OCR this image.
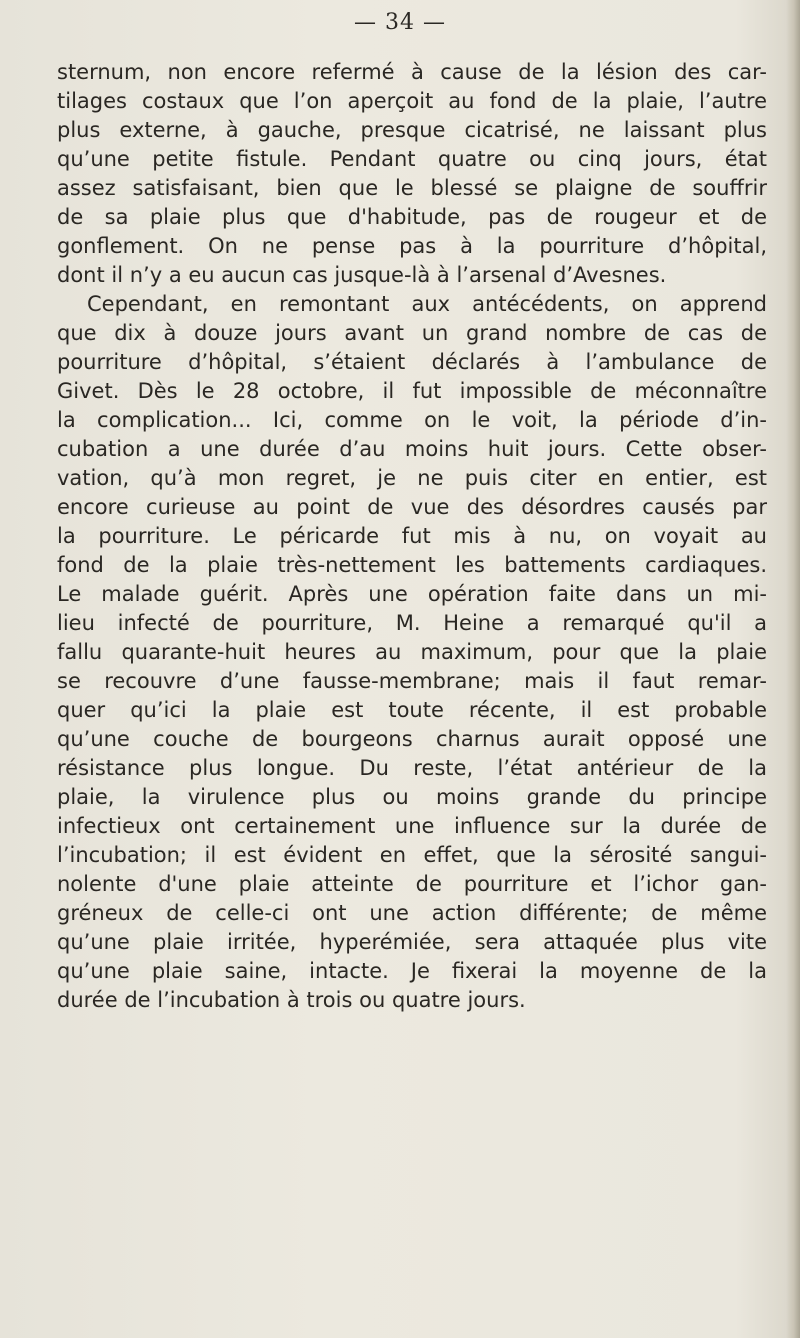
— 34 —
sternum, non encore refermé à cause de la lésion des car-
tilages costaux que l’on aperçoit au fond de la plaie, l’autre
plus externe, à gauche, presque cicatrisé, ne laissant plus
qu’une petite fistule. Pendant quatre ou cinq jours, état
assez satisfaisant, bien que le blessé se plaigne de souffrir
de sa plaie plus que d'habitude, pas de rougeur et de
gonflement. On ne pense pas à la pourriture d’hôpital,
dont il n’y a eu aucun cas jusque-là à l’arsenal d’Avesnes.
Cependant, en remontant aux antécédents, on apprend
que dix à douze jours avant un grand nombre de cas de
pourriture d’hôpital, s’étaient déclarés à l’ambulance de
Givet. Dès le 28 octobre, il fut impossible de méconnaître
la complication... Ici, comme on le voit, la période d’in-
cubation a une durée d’au moins huit jours. Cette obser-
vation, qu’à mon regret, je ne puis citer en entier, est
encore curieuse au point de vue des désordres causés par
la pourriture. Le péricarde fut mis à nu, on voyait au
fond de la plaie très-nettement les battements cardiaques.
Le malade guérit. Après une opération faite dans un mi-
lieu infecté de pourriture, M. Heine a remarqué qu'il a
fallu quarante-huit heures au maximum, pour que la plaie
se recouvre d’une fausse-membrane; mais il faut remar-
quer qu’ici la plaie est toute récente, il est probable
qu’une couche de bourgeons charnus aurait opposé une
résistance plus longue. Du reste, l’état antérieur de la
plaie, la virulence plus ou moins grande du principe
infectieux ont certainement une influence sur la durée de
l’incubation; il est évident en effet, que la sérosité sangui-
nolente d'une plaie atteinte de pourriture et l’ichor gan-
gréneux de celle-ci ont une action différente; de même
qu’une plaie irritée, hyperémiée, sera attaquée plus vite
qu’une plaie saine, intacte. Je fixerai la moyenne de la
durée de l’incubation à trois ou quatre jours.
